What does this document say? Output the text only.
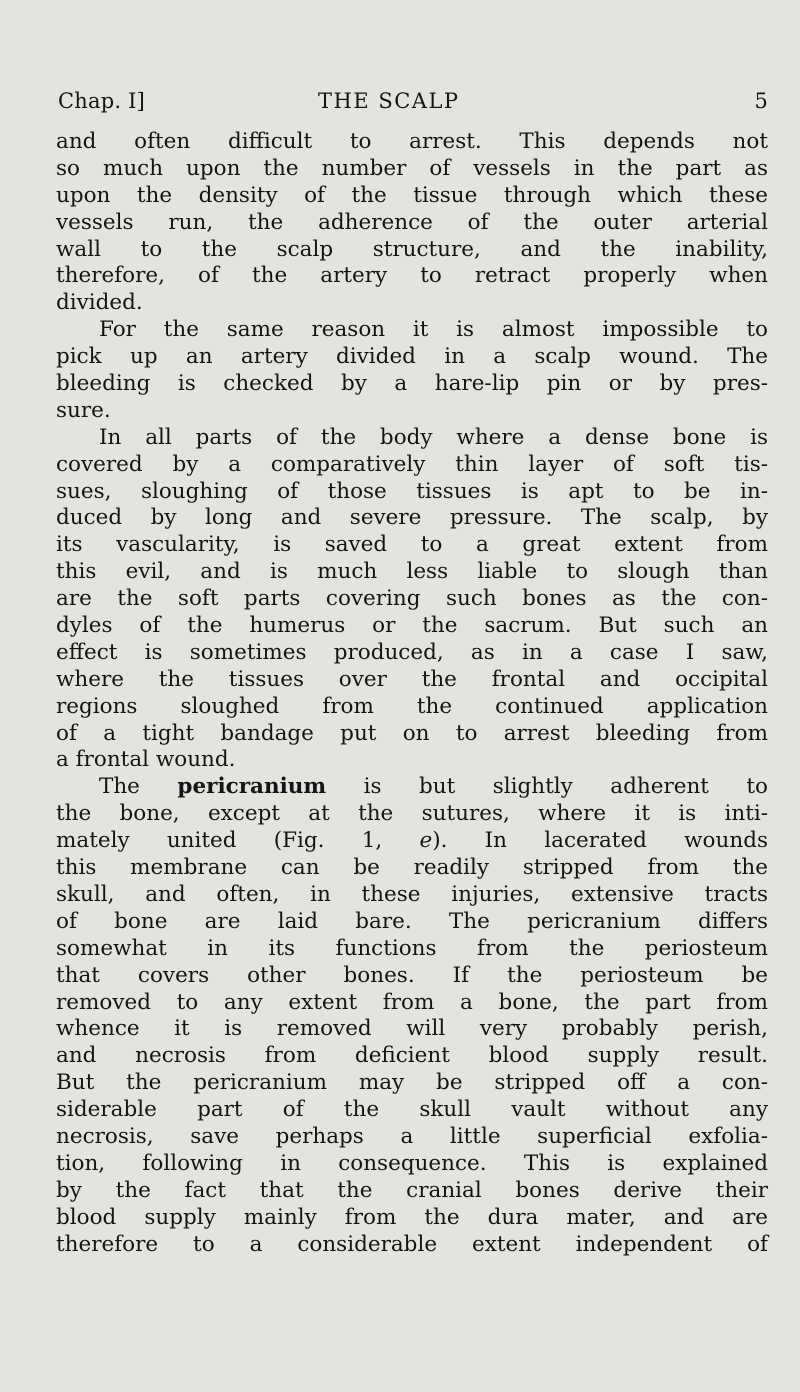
Chap. I]	THE SCALP	5
and often difficult to arrest. This depends not
so much upon the number of vessels in the part as
upon the density of the tissue through which these
vessels run, the adherence of the outer arterial
wall to the scalp structure, and the inability,
therefore, of the artery to retract properly when
divided.
For the same reason it is almost impossible to
pick up an artery divided in a scalp wound. The
bleeding is checked by a hare-lip pin or by pres-
sure.
In all parts of the body where a dense bone is
covered by a comparatively thin layer of soft tis-
sues, sloughing of those tissues is apt to be in-
duced by long and severe pressure. The scalp, by
its vascularity, is saved to a great extent from
this evil, and is much less liable to slough than
are the soft parts covering such bones as the con-
dyles of the humerus or the sacrum. But such an
effect is sometimes produced, as in a case I saw,
where the tissues over the frontal and occipital
regions sloughed from the continued application
of a tight bandage put on to arrest bleeding from
a frontal wound.
The pericranium is but slightly adherent to
the bone, except at the sutures, where it is inti-
mately united (Fig. 1, e). In lacerated wounds
this membrane can be readily stripped from the
skull, and often, in these injuries, extensive tracts
of bone are laid bare. The pericranium differs
somewhat in its functions from the periosteum
that covers other bones. If the periosteum be
removed to any extent from a bone, the part from
whence it is removed will very probably perish,
and necrosis from deficient blood supply result.
But the pericranium may be stripped off a con-
siderable part of the skull vault without any
necrosis, save perhaps a little superficial exfolia-
tion, following in consequence. This is explained
by the fact that the cranial bones derive their
blood supply mainly from the dura mater, and are
therefore to a considerable extent independent of
